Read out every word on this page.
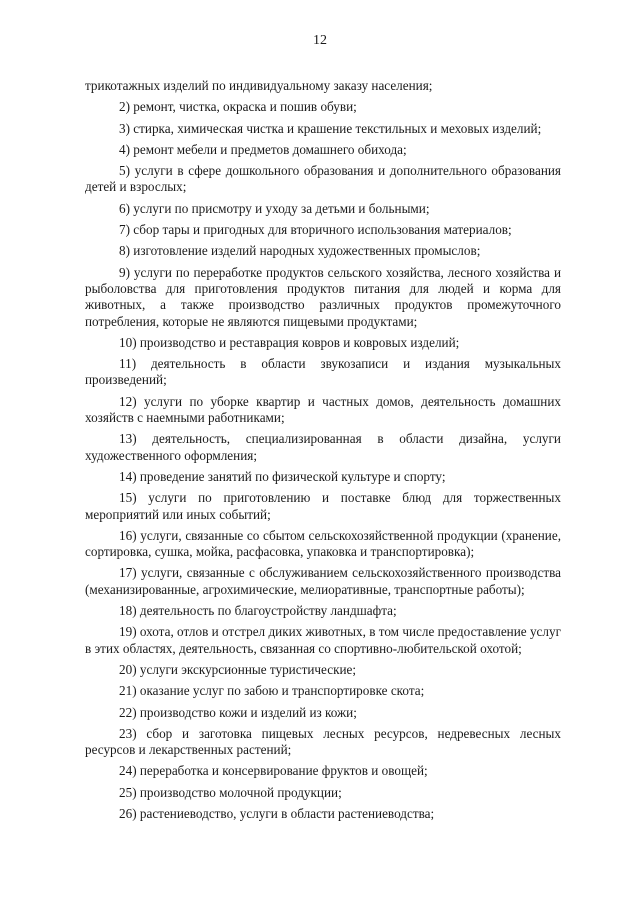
12

трикотажных изделий по индивидуальному заказу населения;

2) ремонт, чистка, окраска и пошив обуви;

3) стирка, химическая чистка и крашение текстильных и меховых изделий;

4) ремонт мебели и предметов домашнего обихода;

5) услуги в сфере дошкольного образования и дополнительного образования детей и взрослых;

6) услуги по присмотру и уходу за детьми и больными;

7) сбор тары и пригодных для вторичного использования материалов;

8) изготовление изделий народных художественных промыслов;

9) услуги по переработке продуктов сельского хозяйства, лесного хозяйства и рыболовства для приготовления продуктов питания для людей и корма для животных, а также производство различных продуктов промежуточного потребления, которые не являются пищевыми продуктами;

10) производство и реставрация ковров и ковровых изделий;

11) деятельность в области звукозаписи и издания музыкальных произведений;

12) услуги по уборке квартир и частных домов, деятельность домашних хозяйств с наемными работниками;

13) деятельность, специализированная в области дизайна, услуги художественного оформления;

14) проведение занятий по физической культуре и спорту;

15) услуги по приготовлению и поставке блюд для торжественных мероприятий или иных событий;

16) услуги, связанные со сбытом сельскохозяйственной продукции (хранение, сортировка, сушка, мойка, расфасовка, упаковка и транспортировка);

17) услуги, связанные с обслуживанием сельскохозяйственного производства (механизированные, агрохимические, мелиоративные, транспортные работы);

18) деятельность по благоустройству ландшафта;

19) охота, отлов и отстрел диких животных, в том числе предоставление услуг в этих областях, деятельность, связанная со спортивно-любительской охотой;

20) услуги экскурсионные туристические;

21) оказание услуг по забою и транспортировке скота;

22) производство кожи и изделий из кожи;

23) сбор и заготовка пищевых лесных ресурсов, недревесных лесных ресурсов и лекарственных растений;

24) переработка и консервирование фруктов и овощей;

25) производство молочной продукции;

26) растениеводство, услуги в области растениеводства;
